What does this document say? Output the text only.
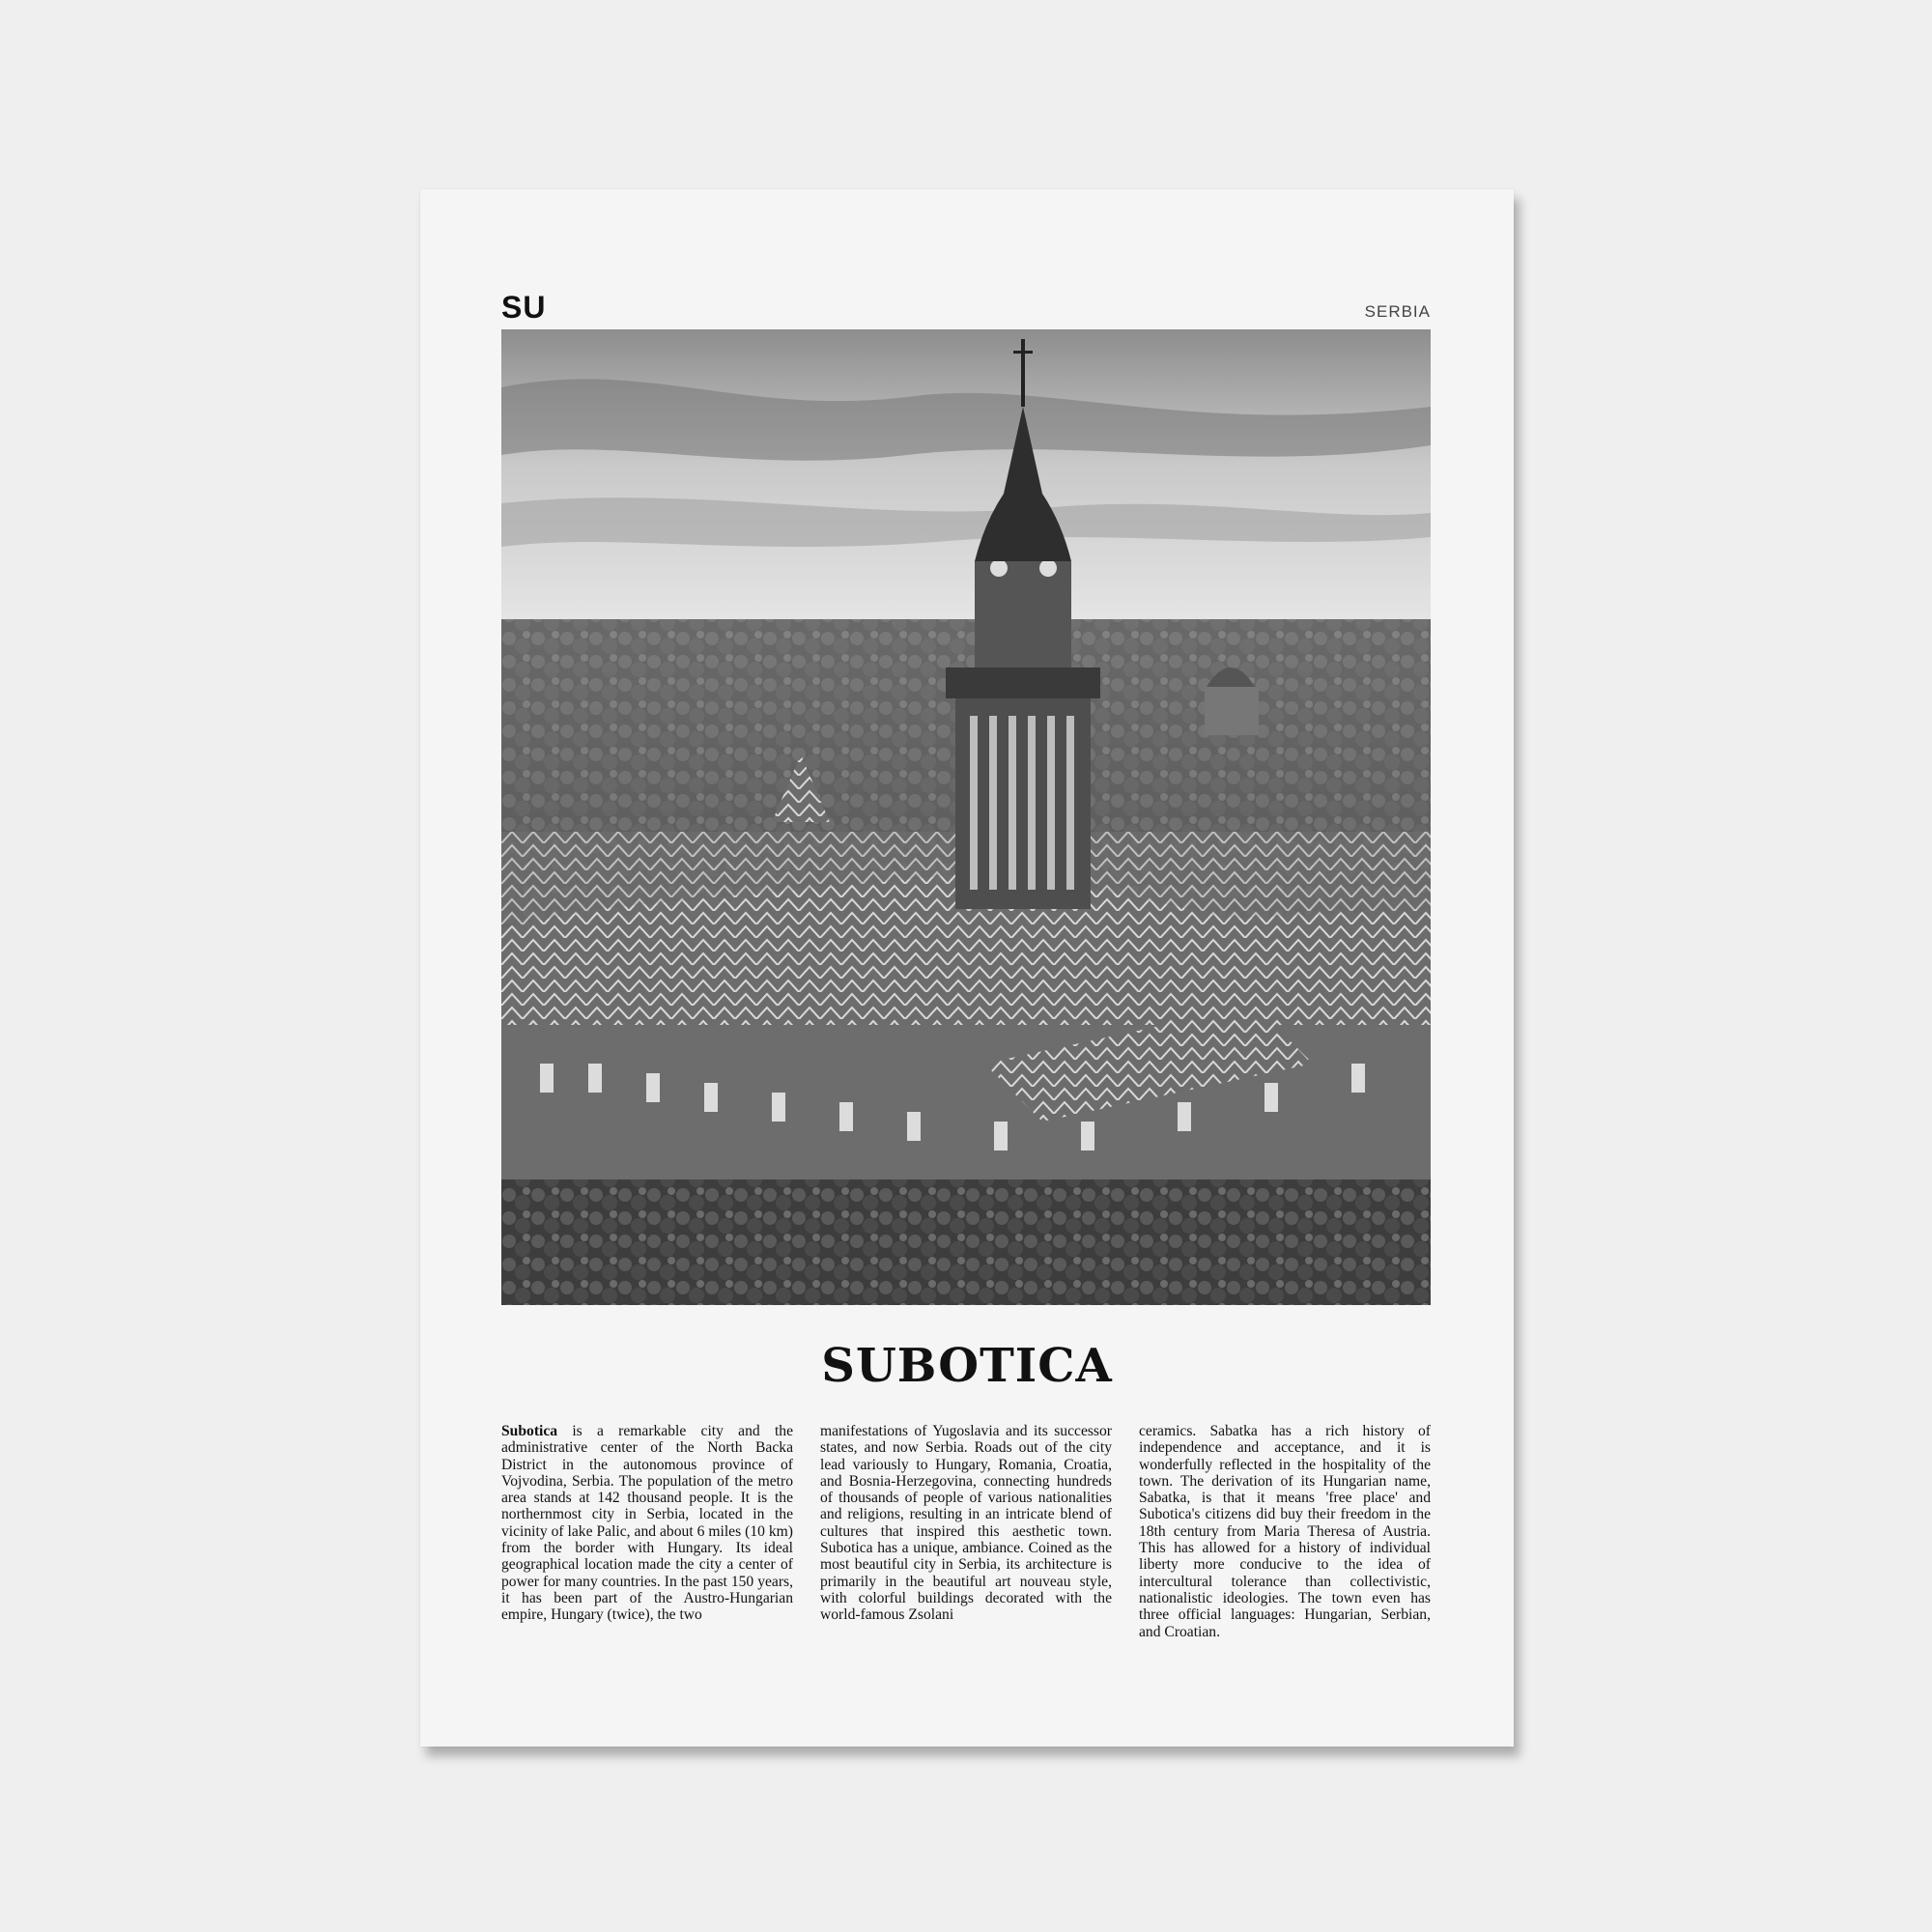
SU	SERBIA
SUBOTICA
Subotica is a remarkable city and the administrative center of the North Backa District in the autonomous province of Vojvodina, Serbia. The population of the metro area stands at 142 thousand people. It is the northernmost city in Serbia, located in the vicinity of lake Palic, and about 6 miles (10 km) from the border with Hungary. Its ideal geographical location made the city a center of power for many countries. In the past 150 years, it has been part of the Austro-Hungarian empire, Hungary (twice), the two
manifestations of Yugoslavia and its successor states, and now Serbia. Roads out of the city lead variously to Hungary, Romania, Croatia, and Bosnia-Herzegovina, connecting hundreds of thousands of people of various nationalities and religions, resulting in an intricate blend of cultures that inspired this aesthetic town. Subotica has a unique, ambiance. Coined as the most beautiful city in Serbia, its architecture is primarily in the beautiful art nouveau style, with colorful buildings decorated with the world-famous Zsolani
ceramics. Sabatka has a rich history of independence and acceptance, and it is wonderfully reflected in the hospitality of the town. The derivation of its Hungarian name, Sabatka, is that it means 'free place' and Subotica's citizens did buy their freedom in the 18th century from Maria Theresa of Austria. This has allowed for a history of individual liberty more conducive to the idea of intercultural tolerance than collectivistic, nationalistic ideologies. The town even has three official languages: Hungarian, Serbian, and Croatian.
